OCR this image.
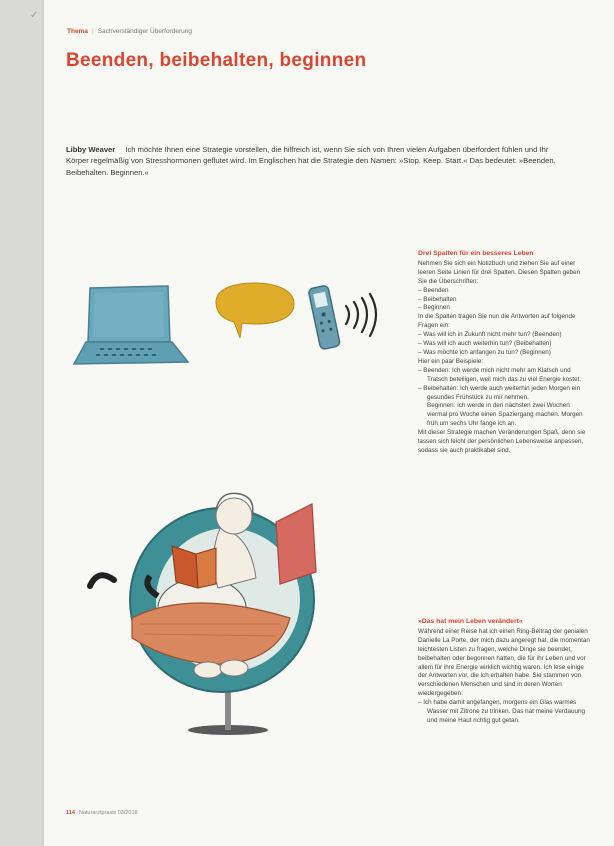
✓
Thema | Sachverständiger Überforderung
Beenden, beibehalten, beginnen

Libby Weaver Ich möchte Ihnen eine Strategie vorstellen, die hilfreich ist, wenn Sie sich von Ihren vielen Aufgaben überfordert fühlen und Ihr Körper regelmäßig von Stresshormonen geflutet wird. Im Englischen hat die Strategie den Namen: »Stop. Keep. Start.« Das bedeutet: »Beenden. Beibehalten. Beginnen.«

Drei Spalten für ein besseres Leben

Nehmen Sie sich ein Notizbuch und ziehen Sie auf einer leeren Seite Linien für drei Spalten. Diesen Spalten geben Sie die Überschriften:

– Beenden
– Beibehalten
– Beginnen

In die Spalten tragen Sie nun die Antworten auf folgende Fragen ein:

– Was will ich in Zukunft nicht mehr tun? (Beenden)
– Was will ich auch weiterhin tun? (Beibehalten)
– Was möchte ich anfangen zu tun? (Beginnen)

Hier ein paar Beispiele:

– Beenden: Ich werde mich nicht mehr am Klatsch und Tratsch beteiligen, weil mich das zu viel Energie kostet.
– Beibehalten: Ich werde auch weiterhin jeden Morgen ein gesundes Frühstück zu mir nehmen.

Beginnen: Ich werde in den nächsten zwei Wochen viermal pro Woche einen Spaziergang machen. Morgen früh um sechs Uhr fange ich an.

Mit dieser Strategie machen Veränderungen Spaß, denn sie lassen sich leicht der persönlichen Lebensweise anpassen, sodass sie auch praktikabel sind.

»Das hat mein Leben verändert«

Während einer Reise hat ich einen Ring-Beitrag der genialen Danielle La Porte, der mich dazu angeregt hat, die momentan leichtesten Listen zu fragen, welche Dinge sie beendet, beibehalten oder begonnen hatten, die für ihr Leben und vor allem für ihre Energie wirklich wichtig waren. Ich lese einige der Antworten vor, die ich erhalten habe. Sie stammen von verschiedenen Menschen und sind in deren Worten wiedergegeben:

– Ich habe damit angefangen, morgens ein Glas warmes Wasser mit Zitrone zu trinken. Das hat meine Verdauung und meine Haut richtig gut getan.
114 Naturarztpraxis 03/2018
